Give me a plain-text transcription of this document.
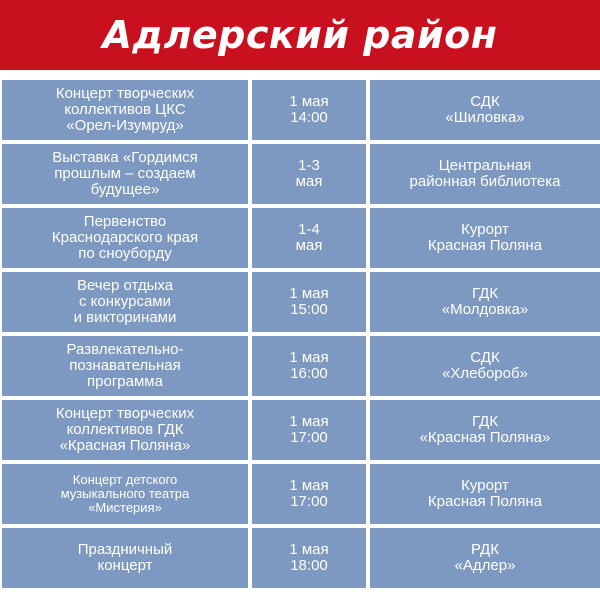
Адлерский район
Концерт творческих
коллективов ЦКС
«Орел-Изумруд»
1 мая
14:00
СДК
«Шиловка»
Выставка «Гордимся
прошлым – создаем
будущее»
1-3
мая
Центральная
районная библиотека
Первенство
Краснодарского края
по сноуборду
1-4
мая
Курорт
Красная Поляна
Вечер отдыха
с конкурсами
и викторинами
1 мая
15:00
ГДК
«Молдовка»
Развлекательно-
познавательная
программа
1 мая
16:00
СДК
«Хлебороб»
Концерт творческих
коллективов ГДК
«Красная Поляна»
1 мая
17:00
ГДК
«Красная Поляна»
Концерт детского
музыкального театра
«Мистерия»
1 мая
17:00
Курорт
Красная Поляна
Праздничный
концерт
1 мая
18:00
РДК
«Адлер»
